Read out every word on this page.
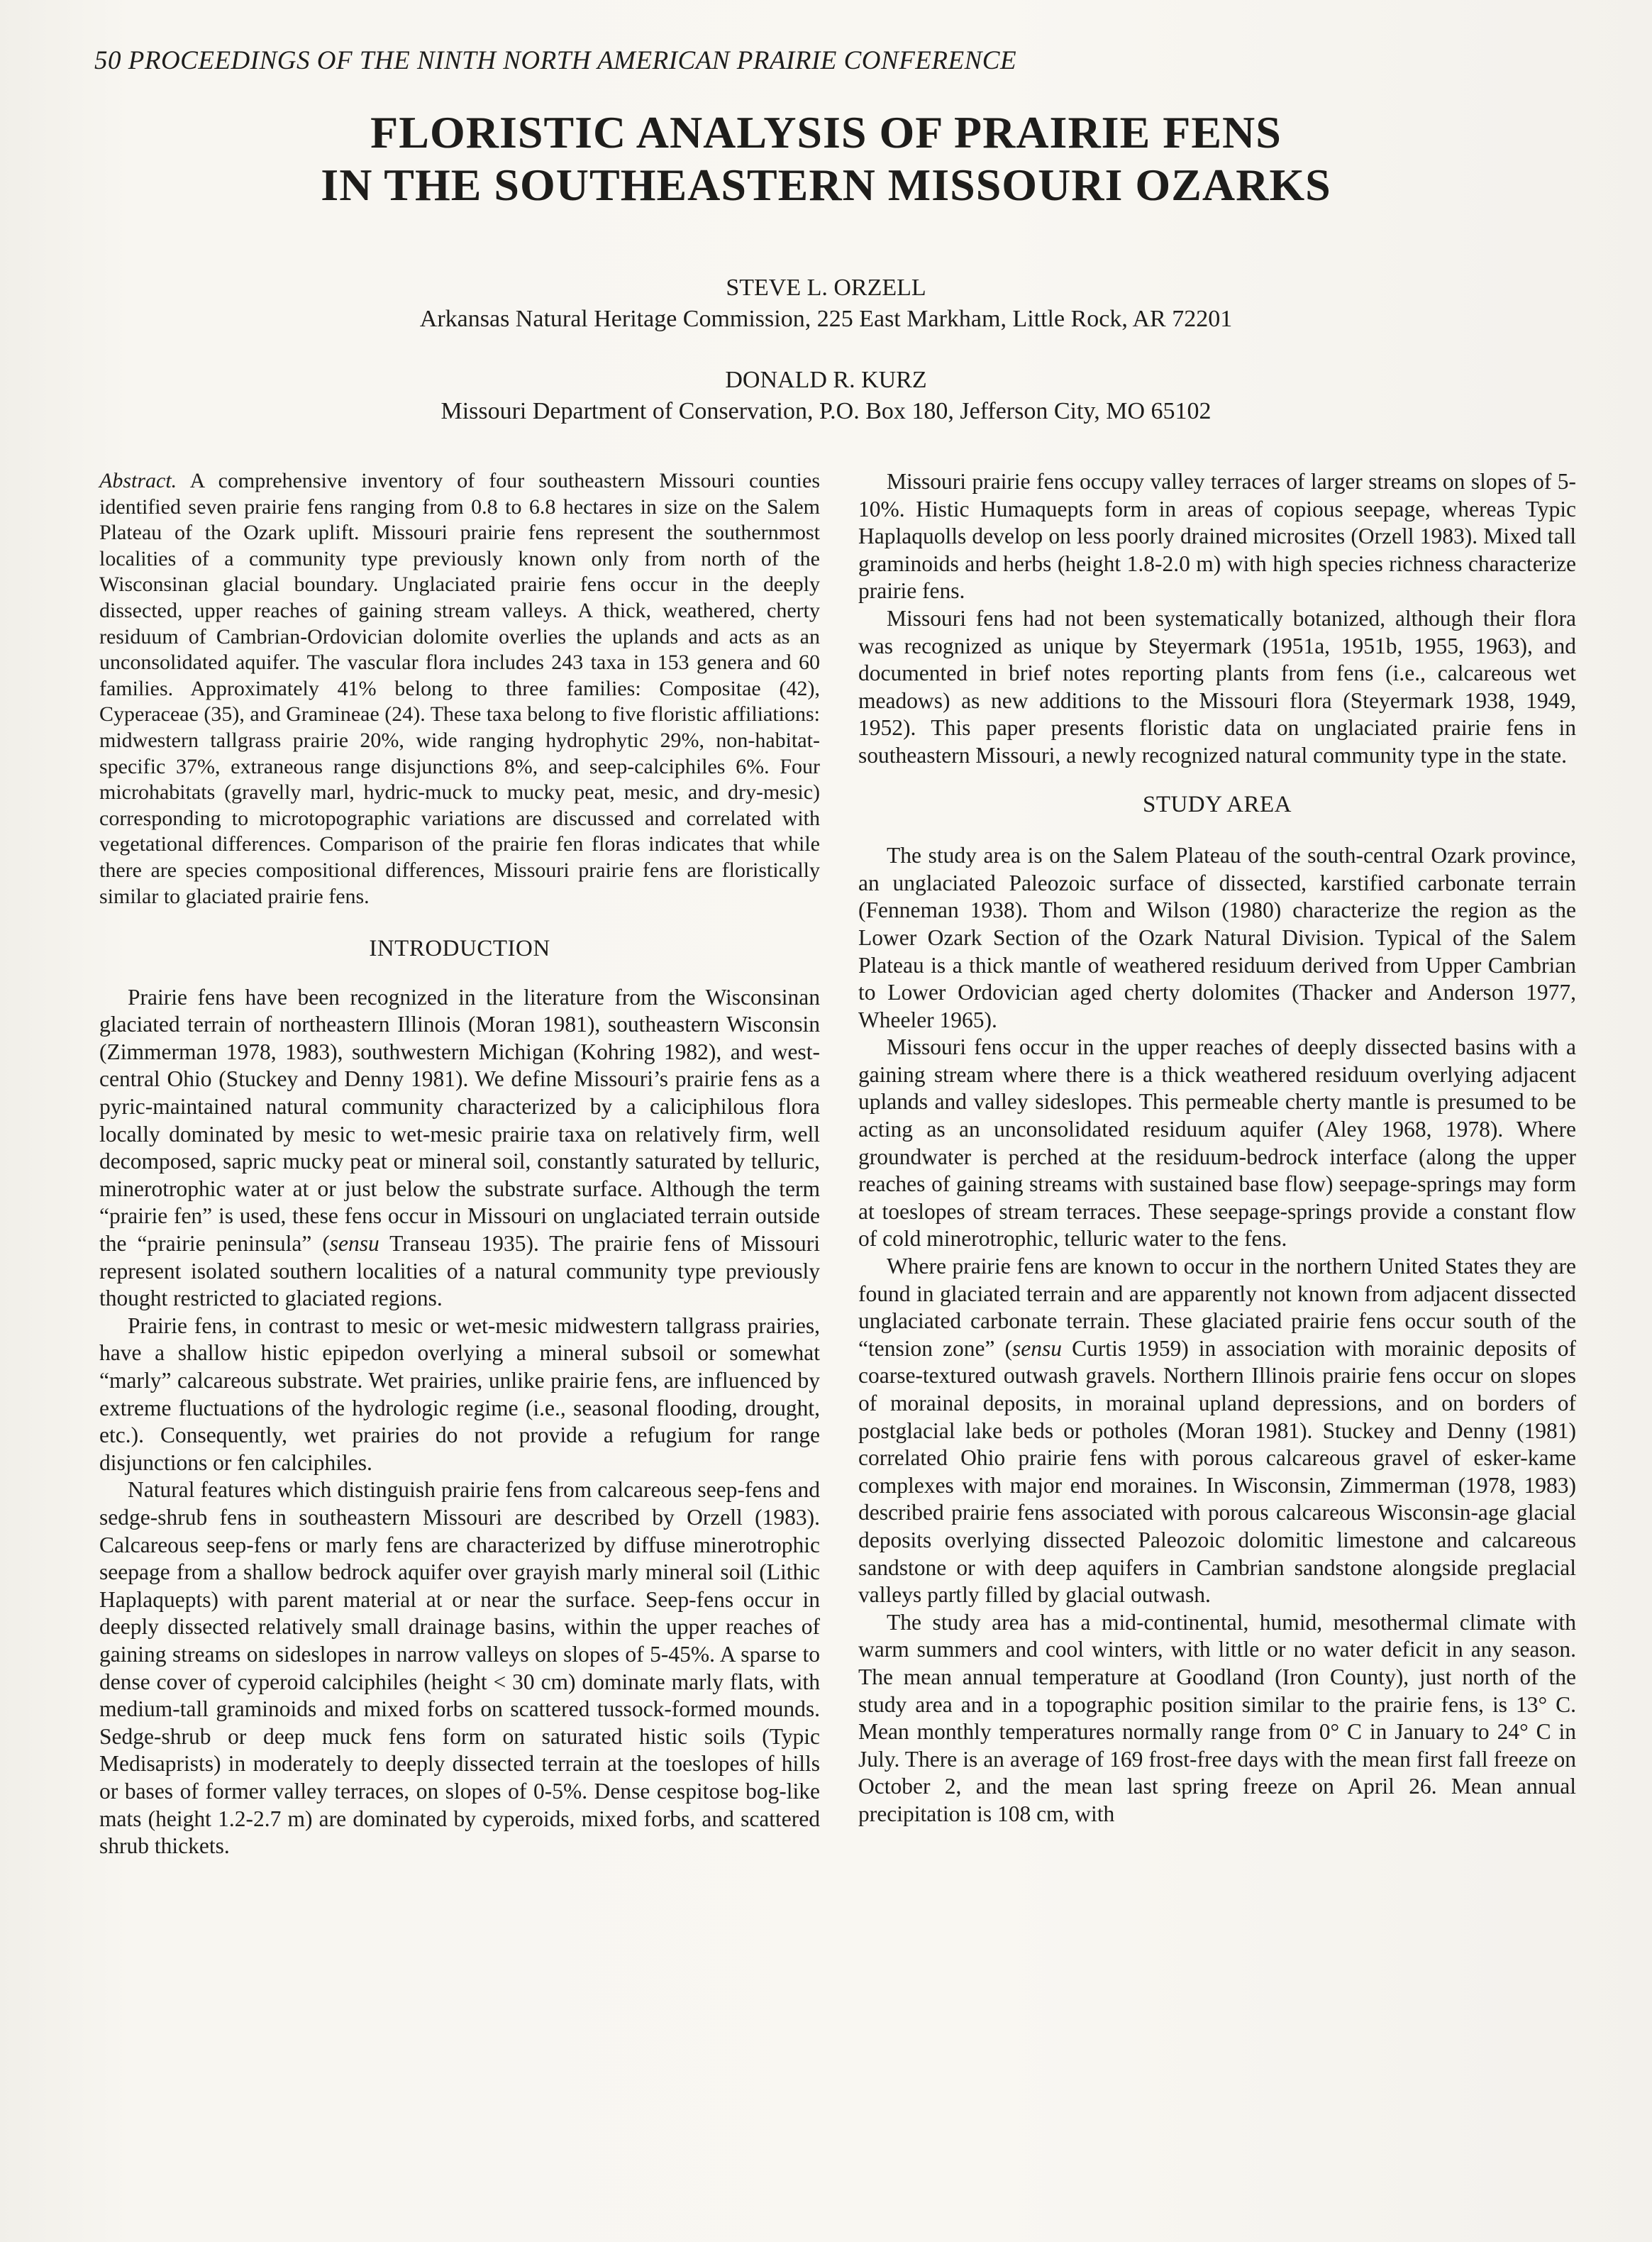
50 PROCEEDINGS OF THE NINTH NORTH AMERICAN PRAIRIE CONFERENCE
FLORISTIC ANALYSIS OF PRAIRIE FENS
IN THE SOUTHEASTERN MISSOURI OZARKS
STEVE L. ORZELL
Arkansas Natural Heritage Commission, 225 East Markham, Little Rock, AR 72201
DONALD R. KURZ
Missouri Department of Conservation, P.O. Box 180, Jefferson City, MO 65102

Abstract. A comprehensive inventory of four southeastern Missouri counties identified seven prairie fens ranging from 0.8 to 6.8 hectares in size on the Salem Plateau of the Ozark uplift. Missouri prairie fens represent the southernmost localities of a community type previously known only from north of the Wisconsinan glacial boundary. Unglaciated prairie fens occur in the deeply dissected, upper reaches of gaining stream valleys. A thick, weathered, cherty residuum of Cambrian-Ordovician dolomite overlies the uplands and acts as an unconsolidated aquifer. The vascular flora includes 243 taxa in 153 genera and 60 families. Approximately 41% belong to three families: Compositae (42), Cyperaceae (35), and Gramineae (24). These taxa belong to five floristic affiliations: midwestern tallgrass prairie 20%, wide ranging hydrophytic 29%, non-habitat-specific 37%, extraneous range disjunctions 8%, and seep-calciphiles 6%. Four microhabitats (gravelly marl, hydric-muck to mucky peat, mesic, and dry-mesic) corresponding to microtopographic variations are discussed and correlated with vegetational differences. Comparison of the prairie fen floras indicates that while there are species compositional differences, Missouri prairie fens are floristically similar to glaciated prairie fens.

INTRODUCTION

Prairie fens have been recognized in the literature from the Wisconsinan glaciated terrain of northeastern Illinois (Moran 1981), southeastern Wisconsin (Zimmerman 1978, 1983), southwestern Michigan (Kohring 1982), and west-central Ohio (Stuckey and Denny 1981). We define Missouri’s prairie fens as a pyric-maintained natural community characterized by a caliciphilous flora locally dominated by mesic to wet-mesic prairie taxa on relatively firm, well decomposed, sapric mucky peat or mineral soil, constantly saturated by telluric, minerotrophic water at or just below the substrate surface. Although the term “prairie fen” is used, these fens occur in Missouri on unglaciated terrain outside the “prairie peninsula” (sensu Transeau 1935). The prairie fens of Missouri represent isolated southern localities of a natural community type previously thought restricted to glaciated regions.

Prairie fens, in contrast to mesic or wet-mesic midwestern tallgrass prairies, have a shallow histic epipedon overlying a mineral subsoil or somewhat “marly” calcareous substrate. Wet prairies, unlike prairie fens, are influenced by extreme fluctuations of the hydrologic regime (i.e., seasonal flooding, drought, etc.). Consequently, wet prairies do not provide a refugium for range disjunctions or fen calciphiles.

Natural features which distinguish prairie fens from calcareous seep-fens and sedge-shrub fens in southeastern Missouri are described by Orzell (1983). Calcareous seep-fens or marly fens are characterized by diffuse minerotrophic seepage from a shallow bedrock aquifer over grayish marly mineral soil (Lithic Haplaquepts) with parent material at or near the surface. Seep-fens occur in deeply dissected relatively small drainage basins, within the upper reaches of gaining streams on sideslopes in narrow valleys on slopes of 5-45%. A sparse to dense cover of cyperoid calciphiles (height < 30 cm) dominate marly flats, with medium-tall graminoids and mixed forbs on scattered tussock-formed mounds. Sedge-shrub or deep muck fens form on saturated histic soils (Typic Medisaprists) in moderately to deeply dissected terrain at the toeslopes of hills or bases of former valley terraces, on slopes of 0-5%. Dense cespitose bog-like mats (height 1.2-2.7 m) are dominated by cyperoids, mixed forbs, and scattered shrub thickets.

Missouri prairie fens occupy valley terraces of larger streams on slopes of 5-10%. Histic Humaquepts form in areas of copious seepage, whereas Typic Haplaquolls develop on less poorly drained microsites (Orzell 1983). Mixed tall graminoids and herbs (height 1.8-2.0 m) with high species richness characterize prairie fens.

Missouri fens had not been systematically botanized, although their flora was recognized as unique by Steyermark (1951a, 1951b, 1955, 1963), and documented in brief notes reporting plants from fens (i.e., calcareous wet meadows) as new additions to the Missouri flora (Steyermark 1938, 1949, 1952). This paper presents floristic data on unglaciated prairie fens in southeastern Missouri, a newly recognized natural community type in the state.

STUDY AREA

The study area is on the Salem Plateau of the south-central Ozark province, an unglaciated Paleozoic surface of dissected, karstified carbonate terrain (Fenneman 1938). Thom and Wilson (1980) characterize the region as the Lower Ozark Section of the Ozark Natural Division. Typical of the Salem Plateau is a thick mantle of weathered residuum derived from Upper Cambrian to Lower Ordovician aged cherty dolomites (Thacker and Anderson 1977, Wheeler 1965).

Missouri fens occur in the upper reaches of deeply dissected basins with a gaining stream where there is a thick weathered residuum overlying adjacent uplands and valley sideslopes. This permeable cherty mantle is presumed to be acting as an unconsolidated residuum aquifer (Aley 1968, 1978). Where groundwater is perched at the residuum-bedrock interface (along the upper reaches of gaining streams with sustained base flow) seepage-springs may form at toeslopes of stream terraces. These seepage-springs provide a constant flow of cold minerotrophic, telluric water to the fens.

Where prairie fens are known to occur in the northern United States they are found in glaciated terrain and are apparently not known from adjacent dissected unglaciated carbonate terrain. These glaciated prairie fens occur south of the “tension zone” (sensu Curtis 1959) in association with morainic deposits of coarse-textured outwash gravels. Northern Illinois prairie fens occur on slopes of morainal deposits, in morainal upland depressions, and on borders of postglacial lake beds or potholes (Moran 1981). Stuckey and Denny (1981) correlated Ohio prairie fens with porous calcareous gravel of esker-kame complexes with major end moraines. In Wisconsin, Zimmerman (1978, 1983) described prairie fens associated with porous calcareous Wisconsin-age glacial deposits overlying dissected Paleozoic dolomitic limestone and calcareous sandstone or with deep aquifers in Cambrian sandstone alongside preglacial valleys partly filled by glacial outwash.

The study area has a mid-continental, humid, mesothermal climate with warm summers and cool winters, with little or no water deficit in any season. The mean annual temperature at Goodland (Iron County), just north of the study area and in a topographic position similar to the prairie fens, is 13° C. Mean monthly temperatures normally range from 0° C in January to 24° C in July. There is an average of 169 frost-free days with the mean first fall freeze on October 2, and the mean last spring freeze on April 26. Mean annual precipitation is 108 cm, with
